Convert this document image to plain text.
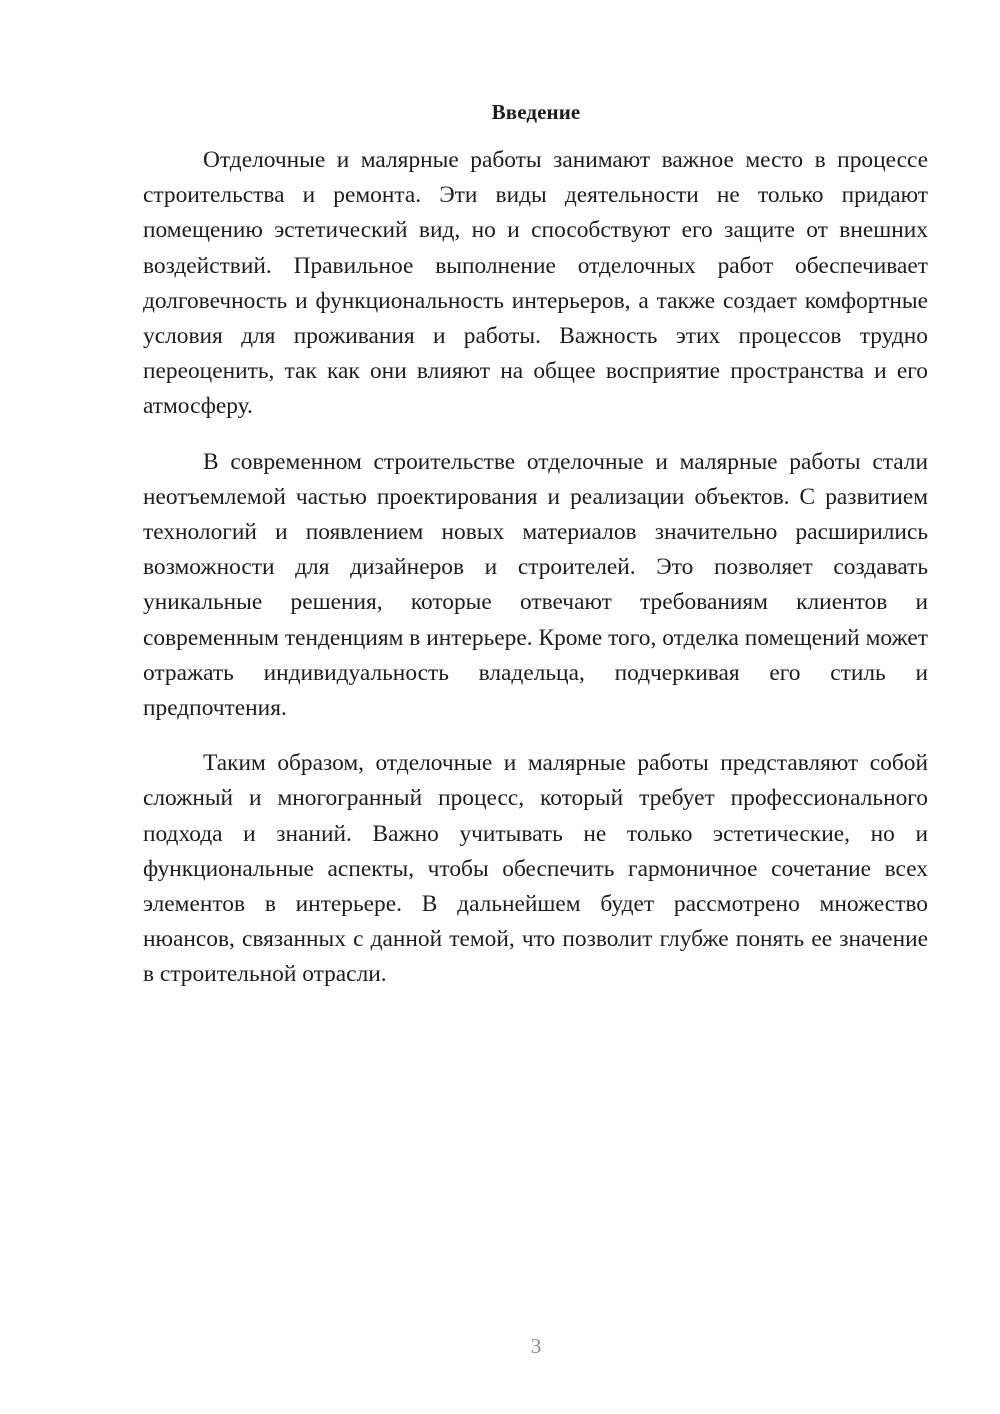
Введение

Отделочные и малярные работы занимают важное место в процессе строительства и ремонта. Эти виды деятельности не только придают помещению эстетический вид, но и способствуют его защите от внешних воздействий. Правильное выполнение отделочных работ обеспечивает долговечность и функциональность интерьеров, а также создает комфортные условия для проживания и работы. Важность этих процессов трудно переоценить, так как они влияют на общее восприятие пространства и его атмосферу.

В современном строительстве отделочные и малярные работы стали неотъемлемой частью проектирования и реализации объектов. С развитием технологий и появлением новых материалов значительно расширились возможности для дизайнеров и строителей. Это позволяет создавать уникальные решения, которые отвечают требованиям клиентов и современным тенденциям в интерьере. Кроме того, отделка помещений может отражать индивидуальность владельца, подчеркивая его стиль и предпочтения.

Таким образом, отделочные и малярные работы представляют собой сложный и многогранный процесс, который требует профессионального подхода и знаний. Важно учитывать не только эстетические, но и функциональные аспекты, чтобы обеспечить гармоничное сочетание всех элементов в интерьере. В дальнейшем будет рассмотрено множество нюансов, связанных с данной темой, что позволит глубже понять ее значение в строительной отрасли.

3
